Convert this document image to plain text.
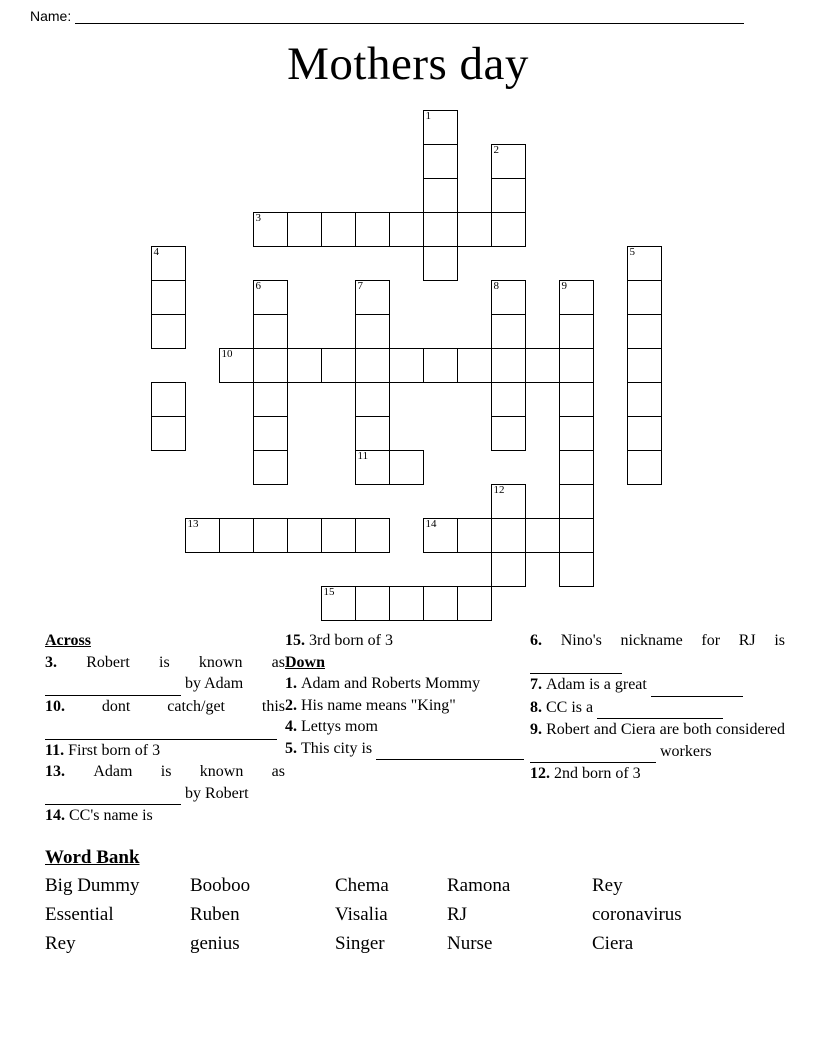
Name:
Mothers day
1
2
3
4	5
6	7	8	9
10
11
12
13	14
15
Across
3. Robert is known as   by Adam
10. dont catch/get this
11. First born of 3
13. Adam is known as   by Robert
14. CC's name is
15. 3rd born of 3
Down
1. Adam and Roberts Mommy
2. His name means "King"
4. Lettys mom
5. This city is
6. Nino's nickname for RJ is
7. Adam is a great
8. CC is a
9. Robert and Ciera are both considered   workers
12. 2nd born of 3
Word Bank
Big Dummy	Booboo	Chema	Ramona	Rey
Essential	Ruben	Visalia	RJ	coronavirus
Rey	genius	Singer	Nurse	Ciera
